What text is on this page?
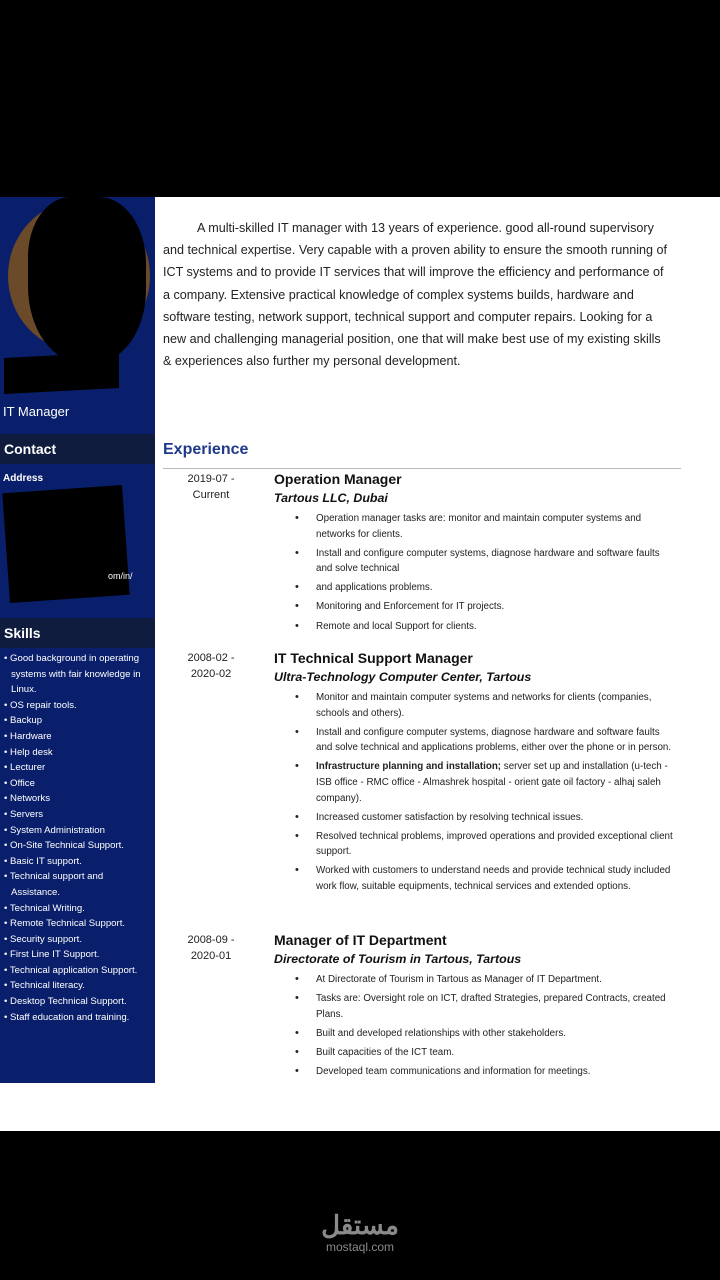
IT Manager
Contact
Address
om/in/
Skills
• Good background in operating systems with fair knowledge in Linux.
• OS repair tools.
• Backup
• Hardware
• Help desk
• Lecturer
• Office
• Networks
• Servers
• System Administration
• On-Site Technical Support.
• Basic IT support.
• Technical support and Assistance.
• Technical Writing.
• Remote Technical Support.
• Security support.
• First Line IT Support.
• Technical application Support.
• Technical literacy.
• Desktop Technical Support.
• Staff education and training.

A multi-skilled IT manager with 13 years of experience. good all-round supervisory and technical expertise. Very capable with a proven ability to ensure the smooth running of ICT systems and to provide IT services that will improve the efficiency and performance of a company. Extensive practical knowledge of complex systems builds, hardware and software testing, network support, technical support and computer repairs. Looking for a new and challenging managerial position, one that will make best use of my existing skills & experiences also further my personal development.

Experience
2019-07 -
Current
Operation Manager
Tartous LLC, Dubai
• Operation manager tasks are: monitor and maintain computer systems and networks for clients.
• Install and configure computer systems, diagnose hardware and software faults and solve technical
• and applications problems.
• Monitoring and Enforcement for IT projects.
• Remote and local Support for clients.
2008-02 -
2020-02
IT Technical Support Manager
Ultra-Technology Computer Center, Tartous
• Monitor and maintain computer systems and networks for clients (companies, schools and others).
• Install and configure computer systems, diagnose hardware and software faults and solve technical and applications problems, either over the phone or in person.
• Infrastructure planning and installation; server set up and installation (u-tech - ISB office - RMC office - Almashrek hospital - orient gate oil factory - alhaj saleh company).
• Increased customer satisfaction by resolving technical issues.
• Resolved technical problems, improved operations and provided exceptional client support.
• Worked with customers to understand needs and provide technical study included work flow, suitable equipments, technical services and extended options.
2008-09 -
2020-01
Manager of IT Department
Directorate of Tourism in Tartous, Tartous
• At Directorate of Tourism in Tartous as Manager of IT Department.
• Tasks are: Oversight role on ICT, drafted Strategies, prepared Contracts, created Plans.
• Built and developed relationships with other stakeholders.
• Built capacities of the ICT team.
• Developed team communications and information for meetings.
مستقل
mostaql.com
